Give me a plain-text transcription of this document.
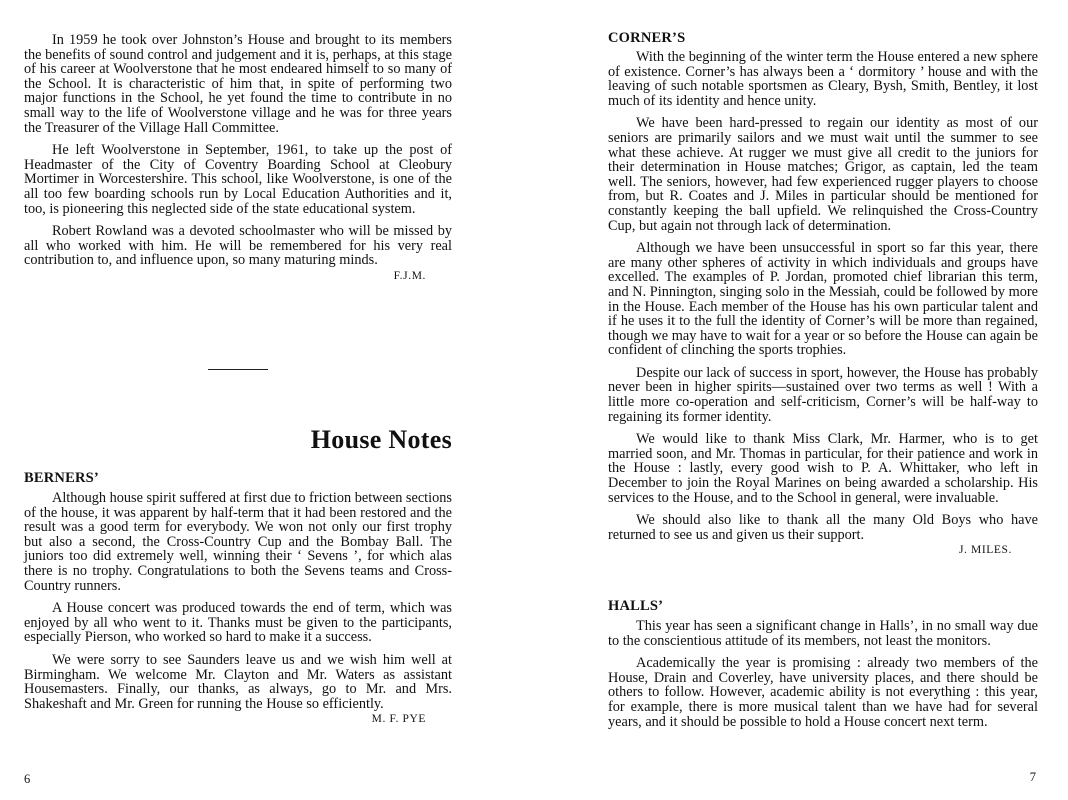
In 1959 he took over Johnston’s House and brought to its members the benefits of sound control and judgement and it is, perhaps, at this stage of his career at Woolverstone that he most endeared himself to so many of the School. It is characteristic of him that, in spite of performing two major functions in the School, he yet found the time to contribute in no small way to the life of Woolverstone village and he was for three years the Treasurer of the Village Hall Committee.

He left Woolverstone in September, 1961, to take up the post of Headmaster of the City of Coventry Boarding School at Cleobury Mortimer in Worcestershire. This school, like Woolverstone, is one of the all too few boarding schools run by Local Education Authorities and it, too, is pioneering this neglected side of the state educational system.

Robert Rowland was a devoted schoolmaster who will be missed by all who worked with him. He will be remembered for his very real contribution to, and influence upon, so many maturing minds.

F.J.M.

House Notes
BERNERS’

Although house spirit suffered at first due to friction between sections of the house, it was apparent by half-term that it had been restored and the result was a good term for everybody. We won not only our first trophy but also a second, the Cross-Country Cup and the Bombay Ball. The juniors too did extremely well, winning their ‘ Sevens ’, for which alas there is no trophy. Congratulations to both the Sevens teams and Cross-Country runners.

A House concert was produced towards the end of term, which was enjoyed by all who went to it. Thanks must be given to the participants, especially Pierson, who worked so hard to make it a success.

We were sorry to see Saunders leave us and we wish him well at Birmingham. We welcome Mr. Clayton and Mr. Waters as assistant Housemasters. Finally, our thanks, as always, go to Mr. and Mrs. Shakeshaft and Mr. Green for running the House so efficiently.

M. F. PYE

6

CORNER’S

With the beginning of the winter term the House entered a new sphere of existence. Corner’s has always been a ‘ dormitory ’ house and with the leaving of such notable sportsmen as Cleary, Bysh, Smith, Bentley, it lost much of its identity and hence unity.

We have been hard-pressed to regain our identity as most of our seniors are primarily sailors and we must wait until the summer to see what these achieve. At rugger we must give all credit to the juniors for their determination in House matches; Grigor, as captain, led the team well. The seniors, however, had few experienced rugger players to choose from, but R. Coates and J. Miles in particular should be mentioned for constantly keeping the ball upfield. We relinquished the Cross-Country Cup, but again not through lack of determination.

Although we have been unsuccessful in sport so far this year, there are many other spheres of activity in which individuals and groups have excelled. The examples of P. Jordan, promoted chief librarian this term, and N. Pinnington, singing solo in the Messiah, could be followed by more in the House. Each member of the House has his own particular talent and if he uses it to the full the identity of Corner’s will be more than regained, though we may have to wait for a year or so before the House can again be confident of clinching the sports trophies.

Despite our lack of success in sport, however, the House has probably never been in higher spirits—sustained over two terms as well ! With a little more co-operation and self-criticism, Corner’s will be half-way to regaining its former identity.

We would like to thank Miss Clark, Mr. Harmer, who is to get married soon, and Mr. Thomas in particular, for their patience and work in the House : lastly, every good wish to P. A. Whittaker, who left in December to join the Royal Marines on being awarded a scholarship. His services to the House, and to the School in general, were invaluable.

We should also like to thank all the many Old Boys who have returned to see us and given us their support.

J. MILES.

HALLS’

This year has seen a significant change in Halls’, in no small way due to the conscientious attitude of its members, not least the monitors.

Academically the year is promising : already two members of the House, Drain and Coverley, have university places, and there should be others to follow. However, academic ability is not everything : this year, for example, there is more musical talent than we have had for several years, and it should be possible to hold a House concert next term.

7
